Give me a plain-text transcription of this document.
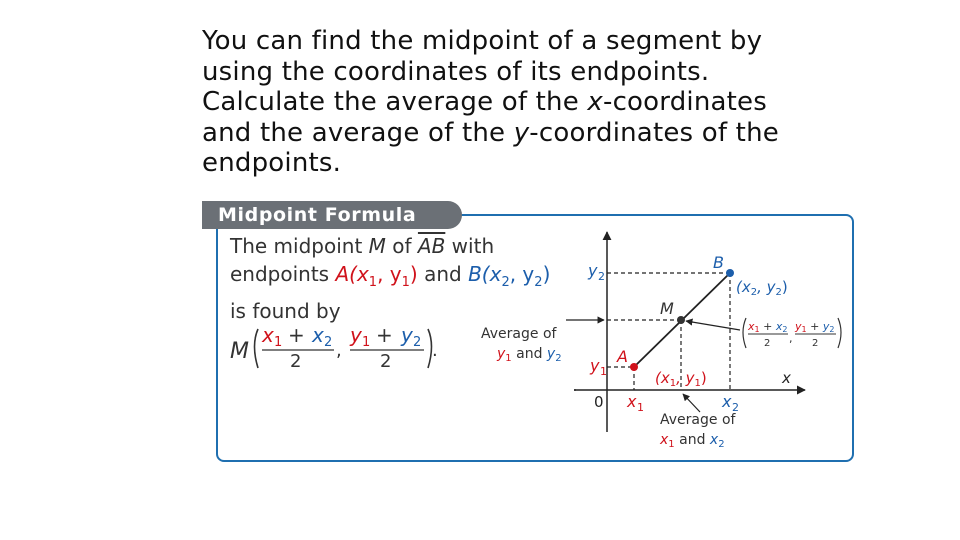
You can find the midpoint of a segment by
using the coordinates of its endpoints.
Calculate the average of the x-coordinates
and the average of the y-coordinates of the
endpoints.
Midpoint Formula
The midpoint M of $\overline{AB}$ with
endpoints $A(x_1$, $y_1$) and $B(x_2$, $y_2$)
is found by
M
x 1 + x 2
2
,
y 1 + y 2
2
.
y 2
y 1
B
($x_2$, $y_2$)
M
A
($x_1$, $y_1$)	x
0 x 1	x 2
Average of
$y_1$ and $y_2$
Average of
$x_1$ and $x_2$
x1 + x2
2 ,
y1 + y2
2
